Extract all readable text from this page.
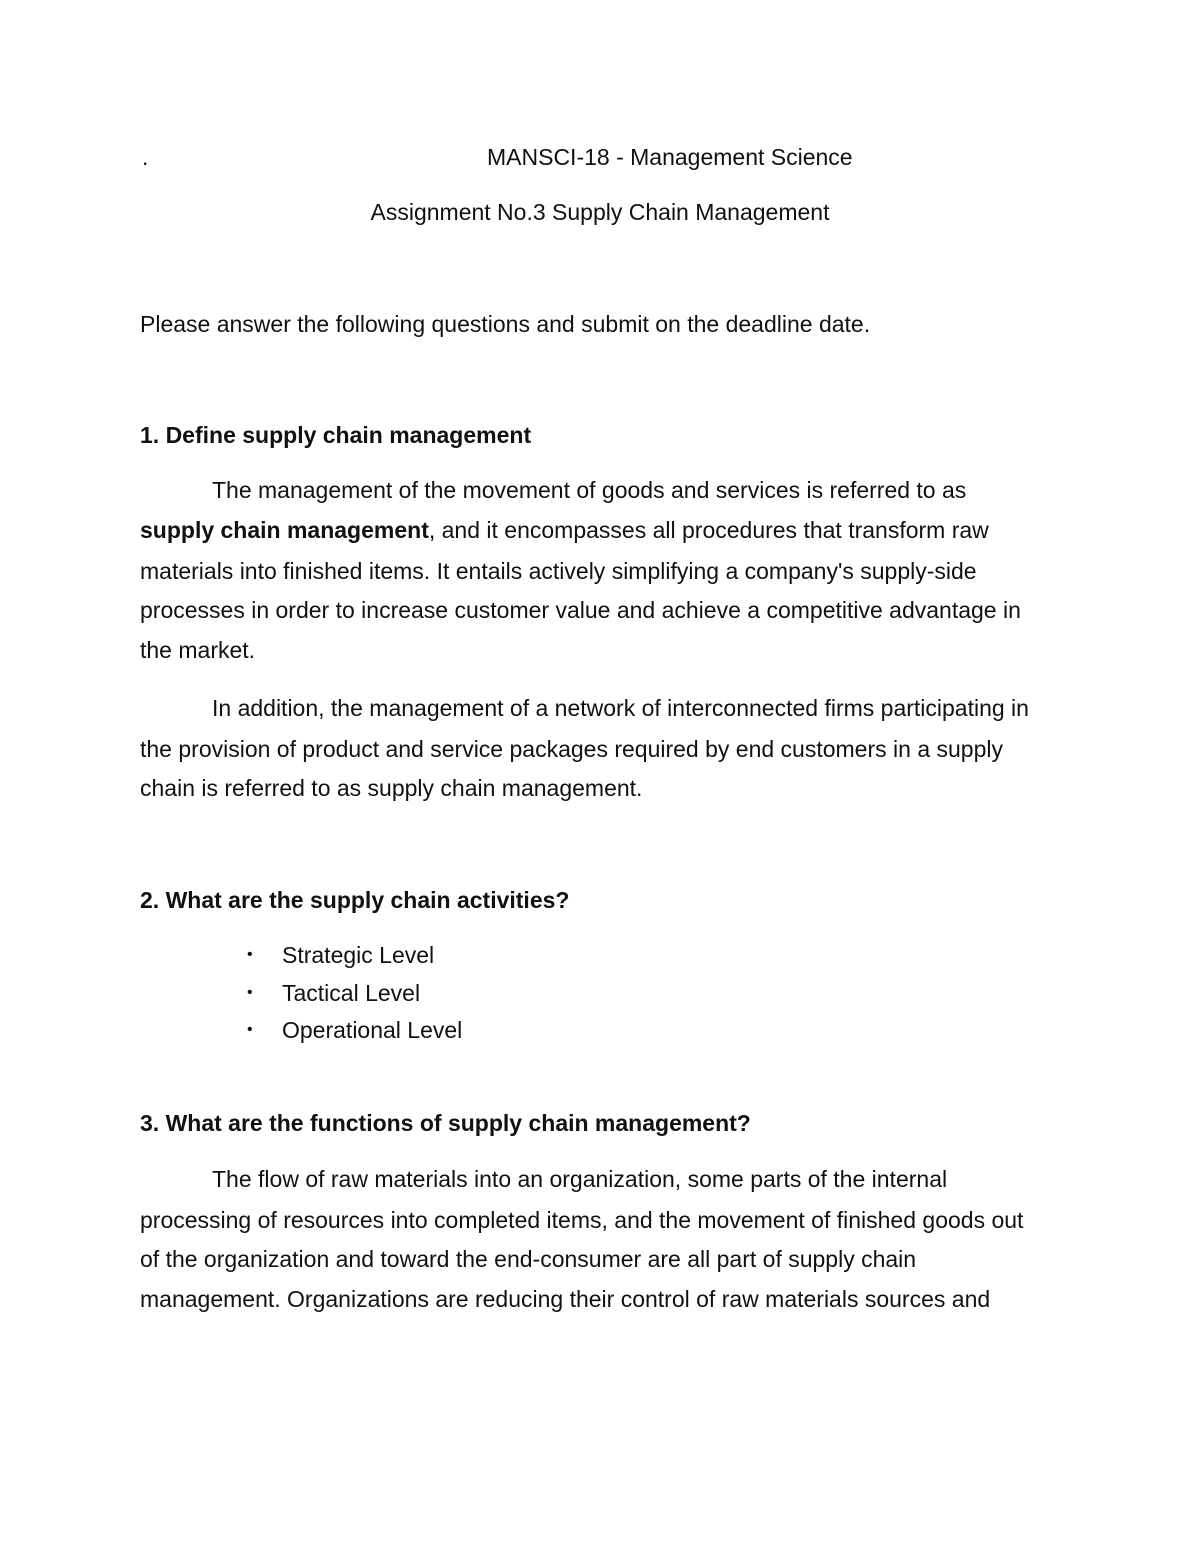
.	MANSCI-18 - Management Science
Assignment No.3 Supply Chain Management
Please answer the following questions and submit on the deadline date.
1. Define supply chain management
The management of the movement of goods and services is referred to as
supply chain management, and it encompasses all procedures that transform raw
materials into finished items. It entails actively simplifying a company's supply-side
processes in order to increase customer value and achieve a competitive advantage in
the market.
In addition, the management of a network of interconnected firms participating in
the provision of product and service packages required by end customers in a supply
chain is referred to as supply chain management.
2. What are the supply chain activities?
• Strategic Level
• Tactical Level
• Operational Level
3. What are the functions of supply chain management?
The flow of raw materials into an organization, some parts of the internal
processing of resources into completed items, and the movement of finished goods out
of the organization and toward the end-consumer are all part of supply chain
management. Organizations are reducing their control of raw materials sources and
